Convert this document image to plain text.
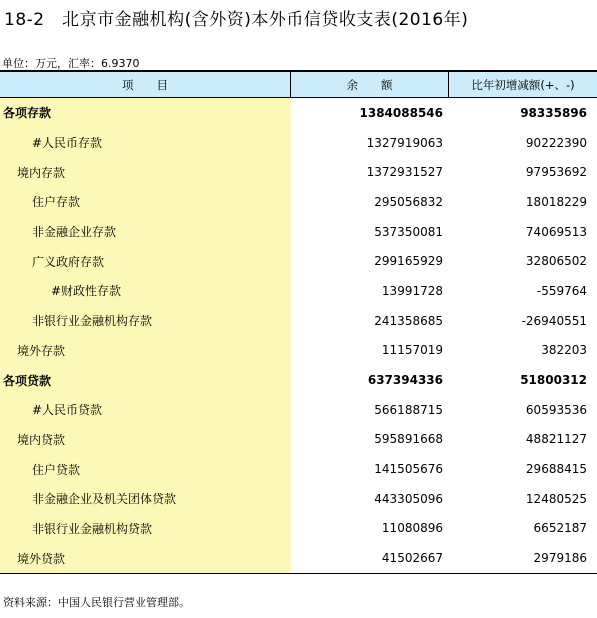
18-2　北京市金融机构(含外资)本外币信贷收支表(2016年)
单位：万元，汇率：6.9370
项　　目	余　　额	比年初增减额(+、-)
各项存款	1384088546	98335896
#人民币存款	1327919063	90222390
境内存款	1372931527	97953692
住户存款	295056832	18018229
非金融企业存款	537350081	74069513
广义政府存款	299165929	32806502
#财政性存款	13991728	-559764
非银行业金融机构存款	241358685	-26940551
境外存款	11157019	382203
各项贷款	637394336	51800312
#人民币贷款	566188715	60593536
境内贷款	595891668	48821127
住户贷款	141505676	29688415
非金融企业及机关团体贷款	443305096	12480525
非银行业金融机构贷款	11080896	6652187
境外贷款	41502667	2979186
资料来源：中国人民银行营业管理部。
